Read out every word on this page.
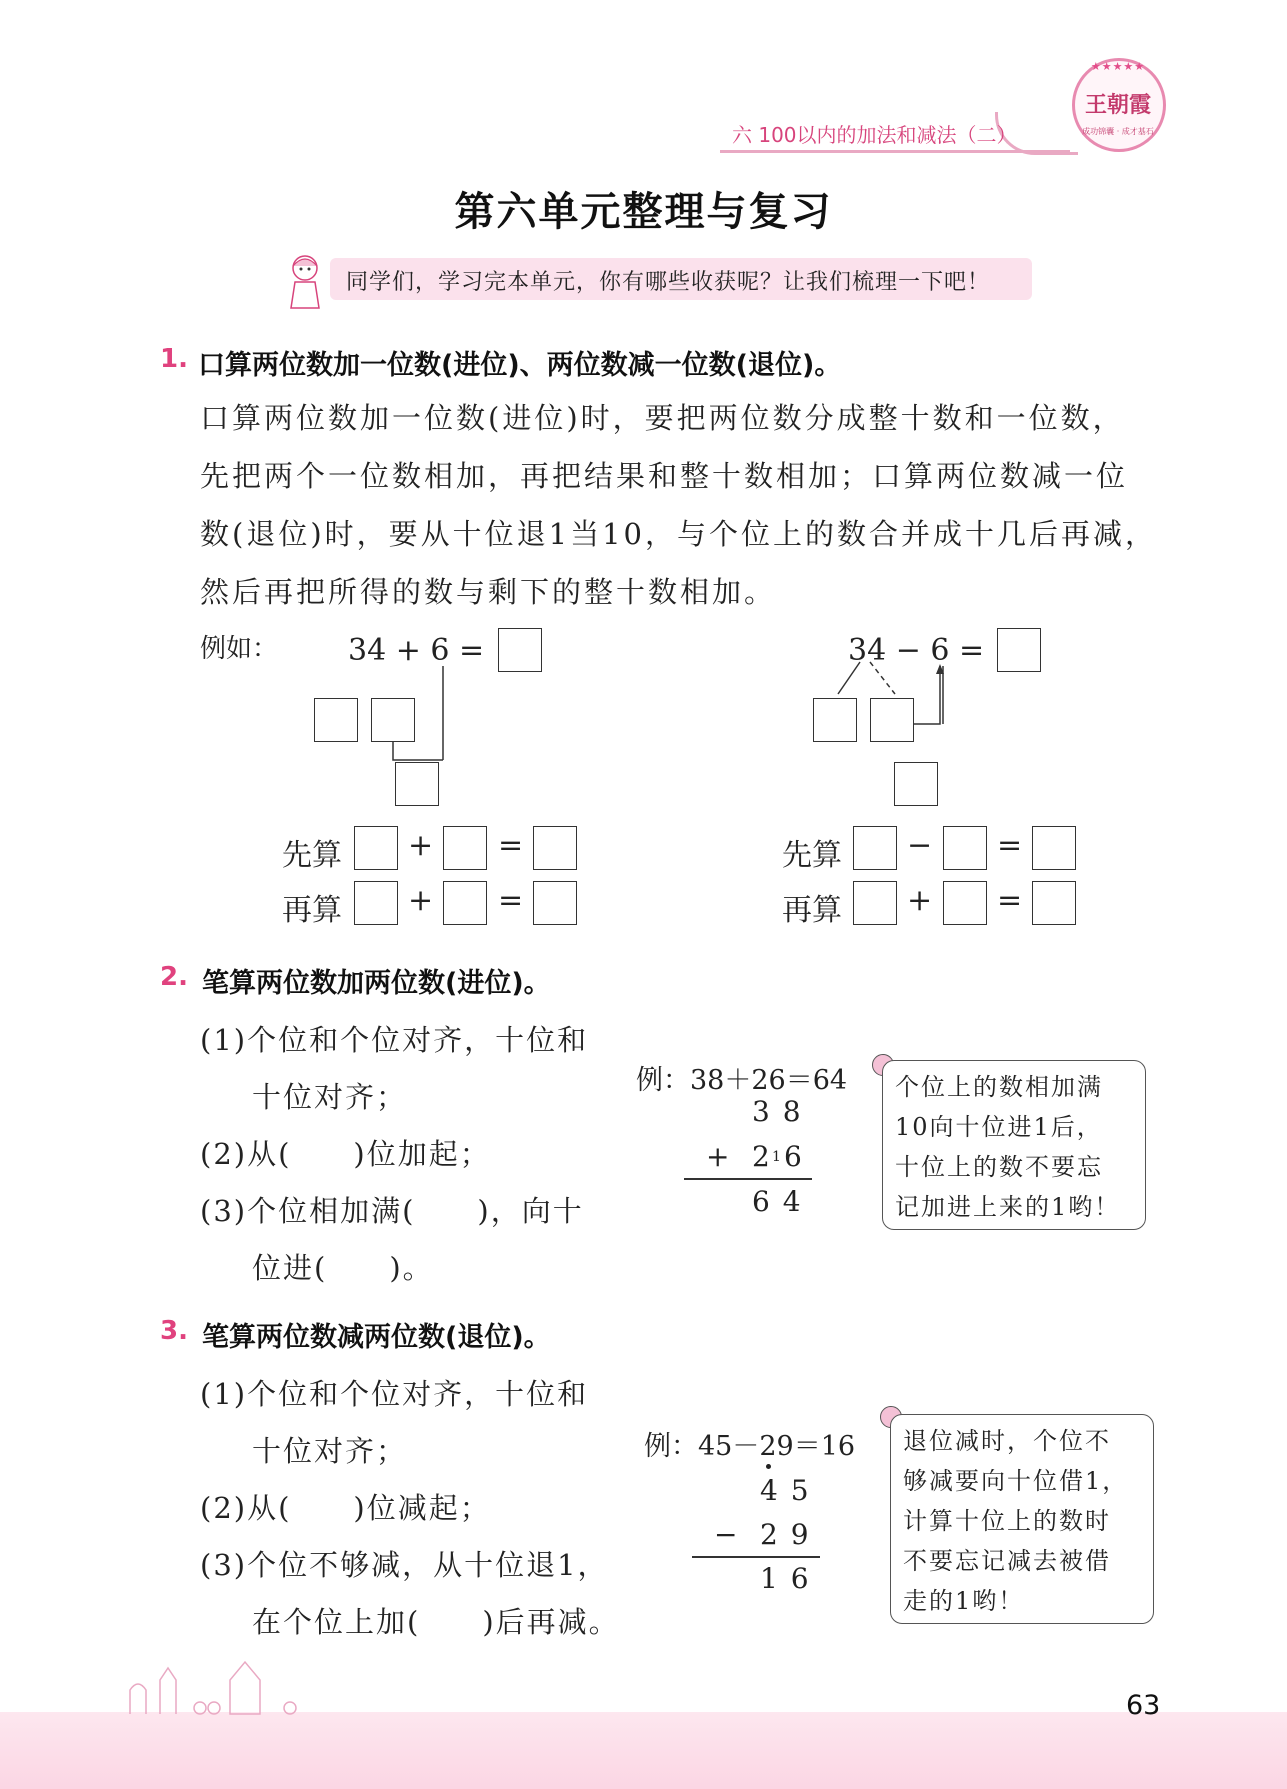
六 100以内的加法和减法（二）
★★★★★
王朝霞
成功锦囊 · 成才基石
第六单元整理与复习
同学们，学习完本单元，你有哪些收获呢？让我们梳理一下吧！
1. 口算两位数加一位数(进位)、两位数减一位数(退位)。
口算两位数加一位数(进位)时，要把两位数分成整十数和一位数，
先把两个一位数相加，再把结果和整十数相加；口算两位数减一位
数(退位)时，要从十位退1当10，与个位上的数合并成十几后再减，
然后再把所得的数与剩下的整十数相加。
例如： 34 + 6 =
先算 + =
再算 + =
34 − 6 =
先算 − =
再算 + =
2. 笔算两位数加两位数(进位)。
(1)个位和个位对齐，十位和
十位对齐；
(2)从(　　)位加起；
(3)个位相加满(　　)，向十
位进(　　)。
例：38＋26＝64
3 8
+ 2 1 6
6 4
个位上的数相加满
10向十位进1后，
十位上的数不要忘
记加进上来的1哟！
3. 笔算两位数减两位数(退位)。
(1)个位和个位对齐，十位和
十位对齐；
(2)从(　　)位减起；
(3)个位不够减，从十位退1，
在个位上加(　　)后再减。
例：45－29＝16
4 5
− 2 9
1 6
退位减时，个位不
够减要向十位借1，
计算十位上的数时
不要忘记减去被借
走的1哟！
63
